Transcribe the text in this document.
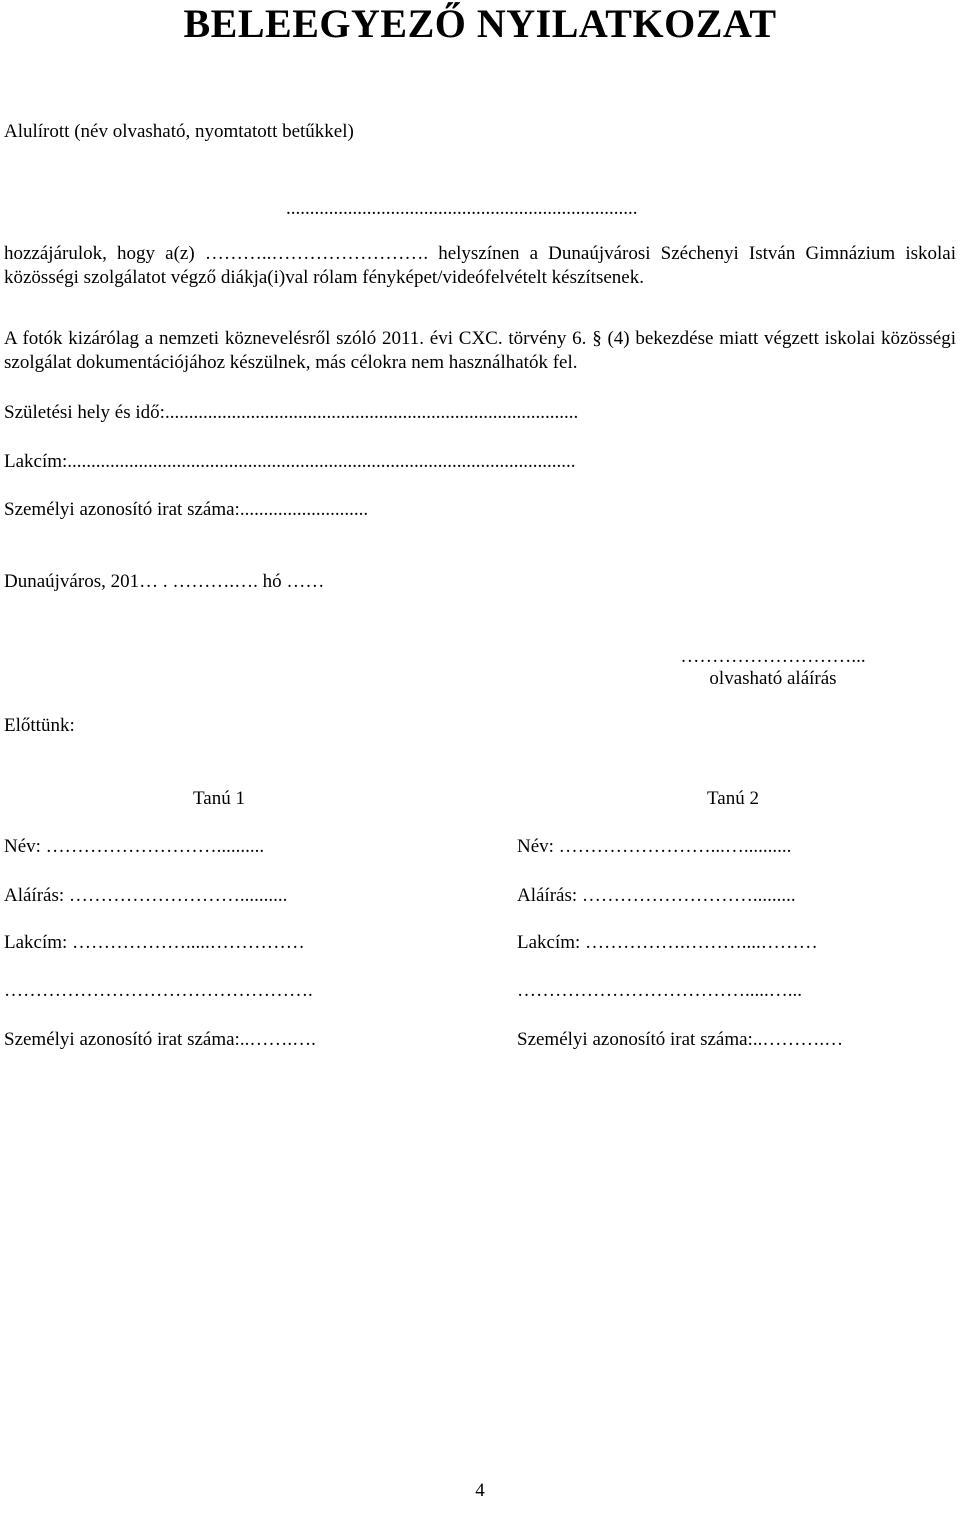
BELEEGYEZŐ NYILATKOZAT

Alulírott (név olvasható, nyomtatott betűkkel)

..........................................................................

hozzájárulok, hogy a(z) ………..……………………. helyszínen a Dunaújvárosi Széchenyi István Gimnázium iskolai közösségi szolgálatot végző diákja(i)val rólam fényképet/videófelvételt készítsenek.

A fotók kizárólag a nemzeti köznevelésről szóló 2011. évi CXC. törvény 6. § (4) bekezdése miatt végzett iskolai közösségi szolgálat dokumentációjához készülnek, más célokra nem használhatók fel.

Születési hely és idő:.......................................................................................

Lakcím:...........................................................................................................

Személyi azonosító irat száma:...........................

Dunaújváros, 201… . ……….…. hó ……

………………………...

olvasható aláírás

Előttünk:

Tanú 1	Tanú 2

Név: ………………………..........	Név: ……………………...…..........

Aláírás: ………………………..........	Aláírás: ……………………….........

Lakcím: ……………….....……………	Lakcím: …………….………....………

………………………………………….	……………………………….....…...

Személyi azonosító irat száma:..…….….	Személyi azonosító irat száma:..……….…

4
